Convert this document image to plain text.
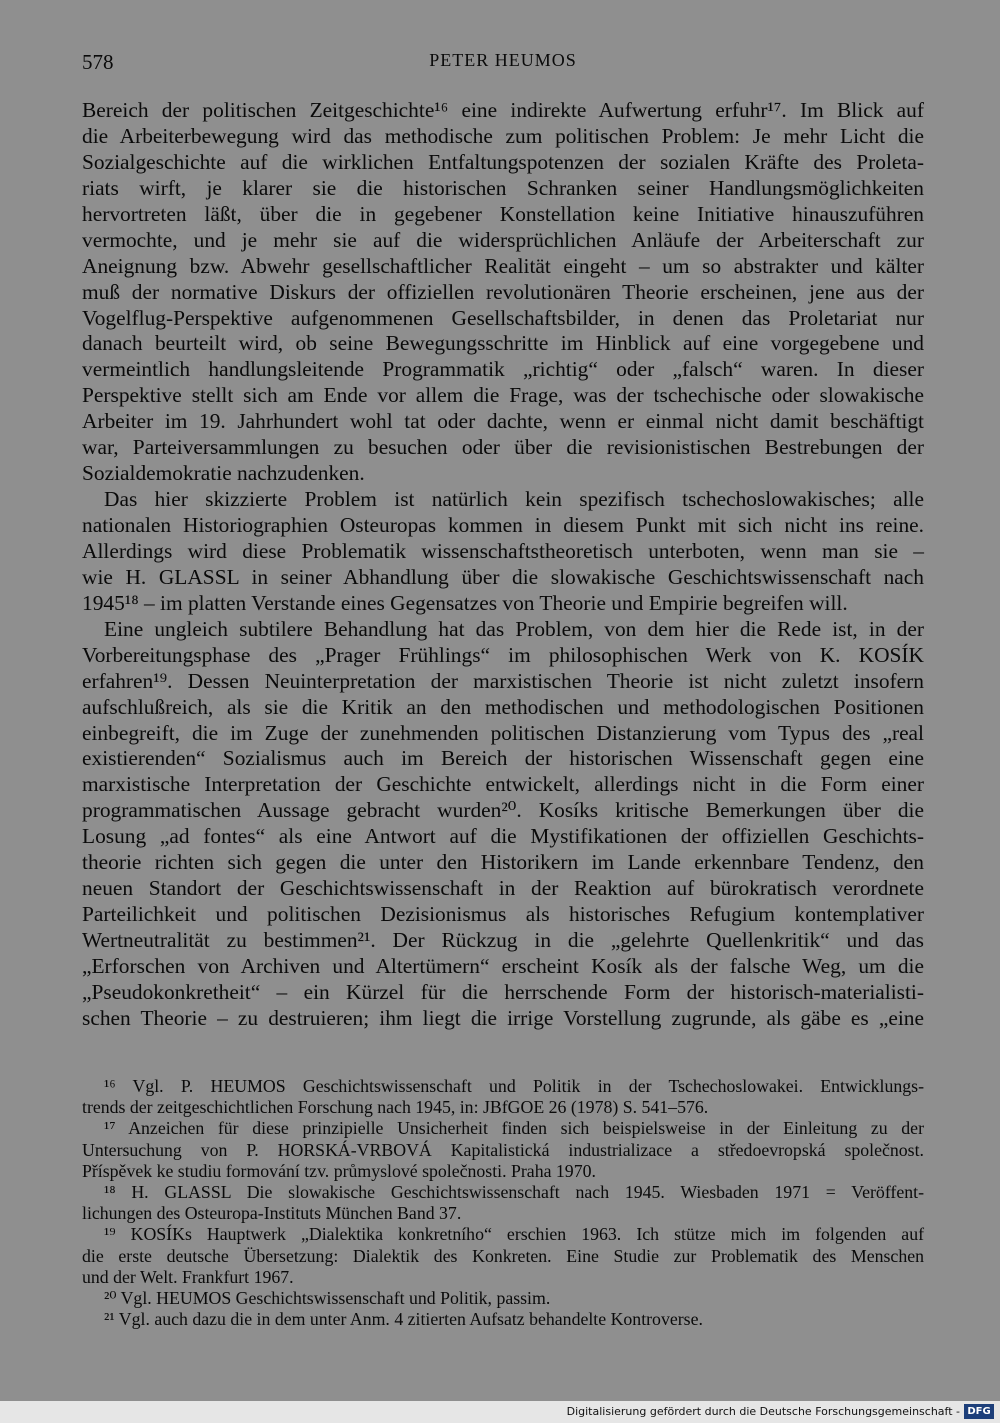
578	PETER HEUMOS
Bereich der politischen Zeitgeschichte¹⁶ eine indirekte Aufwertung erfuhr¹⁷. Im Blick auf
die Arbeiterbewegung wird das methodische zum politischen Problem: Je mehr Licht die
Sozialgeschichte auf die wirklichen Entfaltungspotenzen der sozialen Kräfte des Proleta-
riats wirft, je klarer sie die historischen Schranken seiner Handlungsmöglichkeiten
hervortreten läßt, über die in gegebener Konstellation keine Initiative hinauszuführen
vermochte, und je mehr sie auf die widersprüchlichen Anläufe der Arbeiterschaft zur
Aneignung bzw. Abwehr gesellschaftlicher Realität eingeht – um so abstrakter und kälter
muß der normative Diskurs der offiziellen revolutionären Theorie erscheinen, jene aus der
Vogelflug-Perspektive aufgenommenen Gesellschaftsbilder, in denen das Proletariat nur
danach beurteilt wird, ob seine Bewegungsschritte im Hinblick auf eine vorgegebene und
vermeintlich handlungsleitende Programmatik „richtig“ oder „falsch“ waren. In dieser
Perspektive stellt sich am Ende vor allem die Frage, was der tschechische oder slowakische
Arbeiter im 19. Jahrhundert wohl tat oder dachte, wenn er einmal nicht damit beschäftigt
war, Parteiversammlungen zu besuchen oder über die revisionistischen Bestrebungen der
Sozialdemokratie nachzudenken.
Das hier skizzierte Problem ist natürlich kein spezifisch tschechoslowakisches; alle
nationalen Historiographien Osteuropas kommen in diesem Punkt mit sich nicht ins reine.
Allerdings wird diese Problematik wissenschaftstheoretisch unterboten, wenn man sie –
wie H. GLASSL in seiner Abhandlung über die slowakische Geschichtswissenschaft nach
1945¹⁸ – im platten Verstande eines Gegensatzes von Theorie und Empirie begreifen will.
Eine ungleich subtilere Behandlung hat das Problem, von dem hier die Rede ist, in der
Vorbereitungsphase des „Prager Frühlings“ im philosophischen Werk von K. KOSÍK
erfahren¹⁹. Dessen Neuinterpretation der marxistischen Theorie ist nicht zuletzt insofern
aufschlußreich, als sie die Kritik an den methodischen und methodologischen Positionen
einbegreift, die im Zuge der zunehmenden politischen Distanzierung vom Typus des „real
existierenden“ Sozialismus auch im Bereich der historischen Wissenschaft gegen eine
marxistische Interpretation der Geschichte entwickelt, allerdings nicht in die Form einer
programmatischen Aussage gebracht wurden²⁰. Kosíks kritische Bemerkungen über die
Losung „ad fontes“ als eine Antwort auf die Mystifikationen der offiziellen Geschichts-
theorie richten sich gegen die unter den Historikern im Lande erkennbare Tendenz, den
neuen Standort der Geschichtswissenschaft in der Reaktion auf bürokratisch verordnete
Parteilichkeit und politischen Dezisionismus als historisches Refugium kontemplativer
Wertneutralität zu bestimmen²¹. Der Rückzug in die „gelehrte Quellenkritik“ und das
„Erforschen von Archiven und Altertümern“ erscheint Kosík als der falsche Weg, um die
„Pseudokonkretheit“ – ein Kürzel für die herrschende Form der historisch-materialisti-
schen Theorie – zu destruieren; ihm liegt die irrige Vorstellung zugrunde, als gäbe es „eine
¹⁶ Vgl. P. HEUMOS Geschichtswissenschaft und Politik in der Tschechoslowakei. Entwicklungs-
trends der zeitgeschichtlichen Forschung nach 1945, in: JBfGOE 26 (1978) S. 541–576.
¹⁷ Anzeichen für diese prinzipielle Unsicherheit finden sich beispielsweise in der Einleitung zu der
Untersuchung von P. HORSKÁ-VRBOVÁ Kapitalistická industrializace a středoevropská společnost.
Příspěvek ke studiu formování tzv. průmyslové společnosti. Praha 1970.
¹⁸ H. GLASSL Die slowakische Geschichtswissenschaft nach 1945. Wiesbaden 1971 = Veröffent-
lichungen des Osteuropa-Instituts München Band 37.
¹⁹ KOSÍKs Hauptwerk „Dialektika konkretního“ erschien 1963. Ich stütze mich im folgenden auf
die erste deutsche Übersetzung: Dialektik des Konkreten. Eine Studie zur Problematik des Menschen
und der Welt. Frankfurt 1967.
²⁰ Vgl. HEUMOS Geschichtswissenschaft und Politik, passim.
²¹ Vgl. auch dazu die in dem unter Anm. 4 zitierten Aufsatz behandelte Kontroverse.
Digitalisierung gefördert durch die Deutsche Forschungsgemeinschaft - DFG
